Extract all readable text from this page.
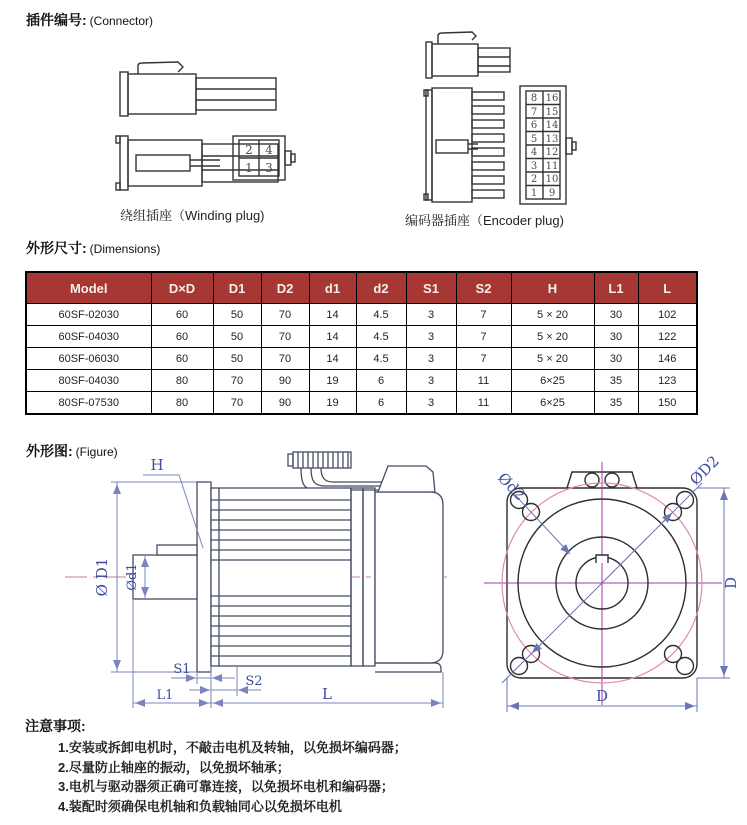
插件编号: (Connector)
2 4
1 3
绕组插座（Winding plug)
8 16
7 15
6 14
5 13
4 12
3 11
2 10
1 9
编码器插座（Encoder plug)
外形尺寸: (Dimensions)
Model	D×D	D1	D2	d1	d2	S1	S2	H	L1	L
60SF-02030	60	50	70	14	4.5	3	7	5 × 20	30	102
60SF-04030	60	50	70	14	4.5	3	7	5 × 20	30	122
60SF-06030	60	50	70	14	4.5	3	7	5 × 20	30	146
80SF-04030	80	70	90	19	6	3	11	6×25	35	123
80SF-07530	80	70	90	19	6	3	11	6×25	35	150
外形图: (Figure)
H
Ø D1 Ød1
S1
S2
L1	L
ØD2
Ød2
D
D
注意事项:
1.安装或拆卸电机时，不敲击电机及转轴，以免损坏编码器；
2.尽量防止轴座的振动，以免损坏轴承；
3.电机与驱动器须正确可靠连接，以免损坏电机和编码器；
4.装配时须确保电机轴和负载轴同心以免损坏电机
